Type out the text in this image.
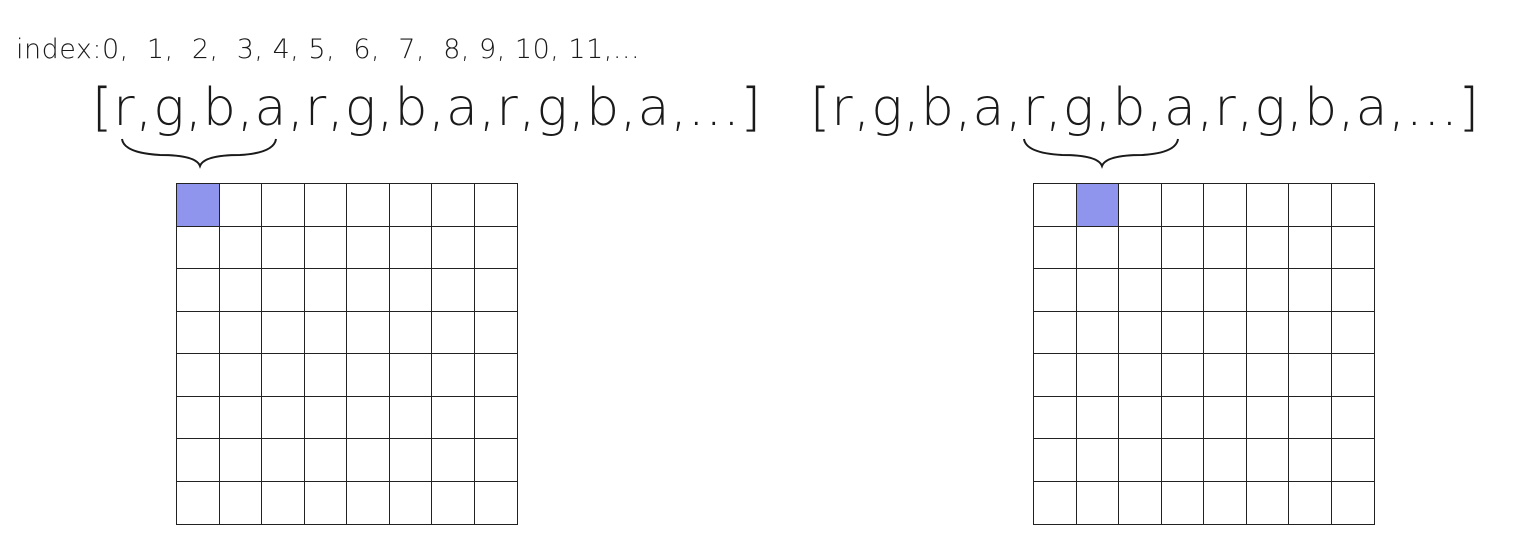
index:0,  1,  2,  3, 4, 5,  6,  7,  8, 9, 10, 11,...
[r,g,b,a,r,g,b,a,r,g,b,a,...] [r,g,b,a,r,g,b,a,r,g,b,a,...]
